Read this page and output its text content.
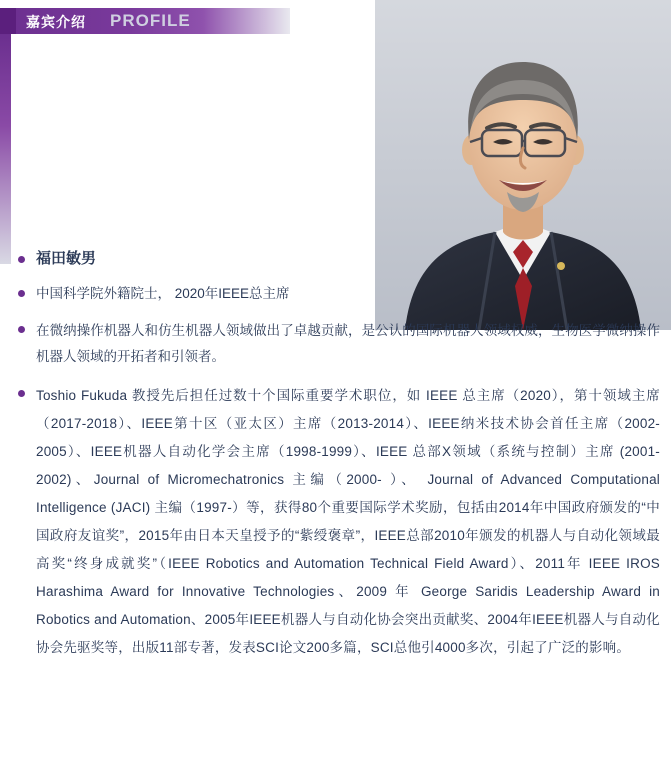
嘉宾介绍 PROFILE
福田敏男
中国科学院外籍院士， 2020年IEEE总主席
在微纳操作机器人和仿生机器人领域做出了卓越贡献，是公认的国际机器人领域权威，生物医学微纳操作机器人领域的开拓者和引领者。
Toshio Fukuda 教授先后担任过数十个国际重要学术职位，如 IEEE 总主席（2020），第十领域主席（2017-2018）、IEEE第十区（亚太区）主席（2013-2014）、IEEE纳米技术协会首任主席（2002-2005）、IEEE机器人自动化学会主席（1998-1999）、IEEE 总部X领域（系统与控制）主席 (2001-2002)、Journal of Micromechatronics 主编（2000- ）、 Journal of Advanced Computational Intelligence (JACI) 主编（1997-）等，获得80个重要国际学术奖励，包括由2014年中国政府颁发的“中国政府友谊奖”，2015年由日本天皇授予的“紫绶褒章”，IEEE总部2010年颁发的机器人与自动化领域最高奖“终身成就奖”（IEEE Robotics and Automation Technical Field Award）、2011年 IEEE IROS Harashima Award for Innovative Technologies、2009 年 George Saridis Leadership Award in Robotics and Automation、2005年IEEE机器人与自动化协会突出贡献奖、2004年IEEE机器人与自动化协会先驱奖等，出版11部专著，发表SCI论文200多篇，SCI总他引4000多次，引起了广泛的影响。
